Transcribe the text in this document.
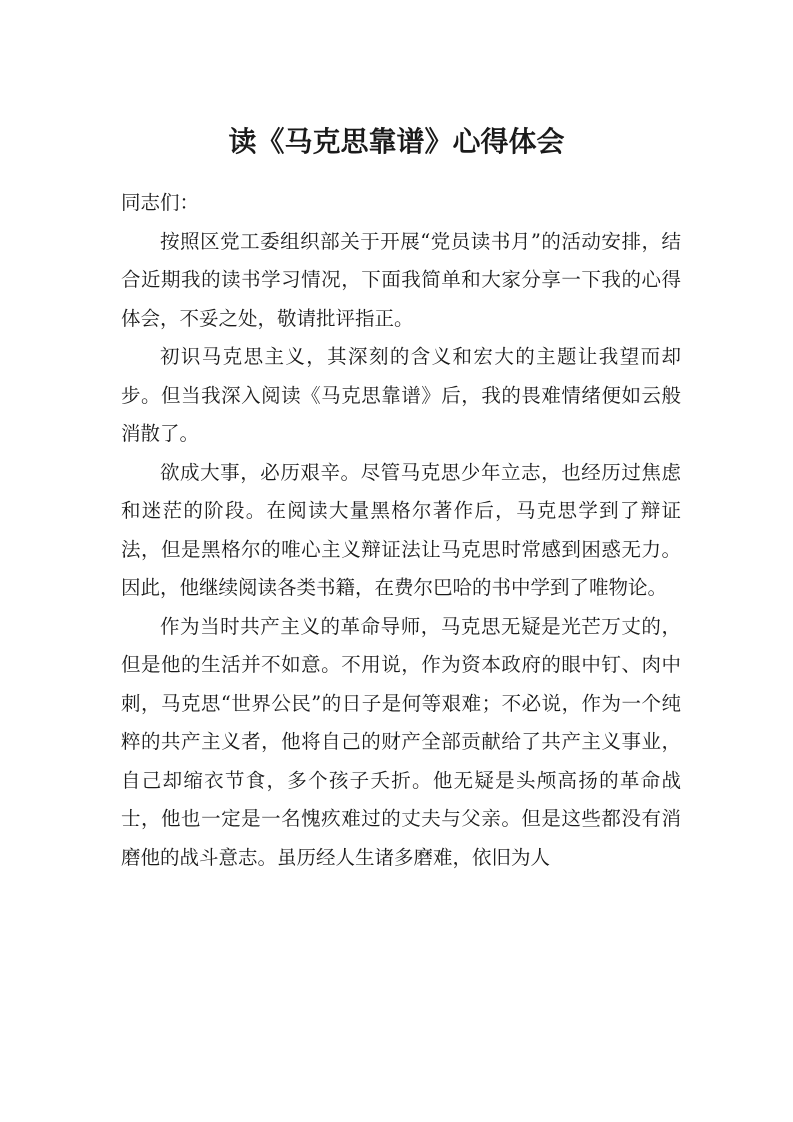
读《马克思靠谱》心得体会

同志们：

按照区党工委组织部关于开展“党员读书月”的活动安排，结合近期我的读书学习情况，下面我简单和大家分享一下我的心得体会，不妥之处，敬请批评指正。

初识马克思主义，其深刻的含义和宏大的主题让我望而却步。但当我深入阅读《马克思靠谱》后，我的畏难情绪便如云般消散了。

欲成大事，必历艰辛。尽管马克思少年立志，也经历过焦虑和迷茫的阶段。在阅读大量黑格尔著作后，马克思学到了辩证法，但是黑格尔的唯心主义辩证法让马克思时常感到困惑无力。因此，他继续阅读各类书籍，在费尔巴哈的书中学到了唯物论。

作为当时共产主义的革命导师，马克思无疑是光芒万丈的，但是他的生活并不如意。不用说，作为资本政府的眼中钉、肉中刺，马克思“世界公民”的日子是何等艰难；不必说，作为一个纯粹的共产主义者，他将自己的财产全部贡献给了共产主义事业，自己却缩衣节食，多个孩子夭折。他无疑是头颅高扬的革命战士，他也一定是一名愧疚难过的丈夫与父亲。但是这些都没有消磨他的战斗意志。虽历经人生诸多磨难，依旧为人
